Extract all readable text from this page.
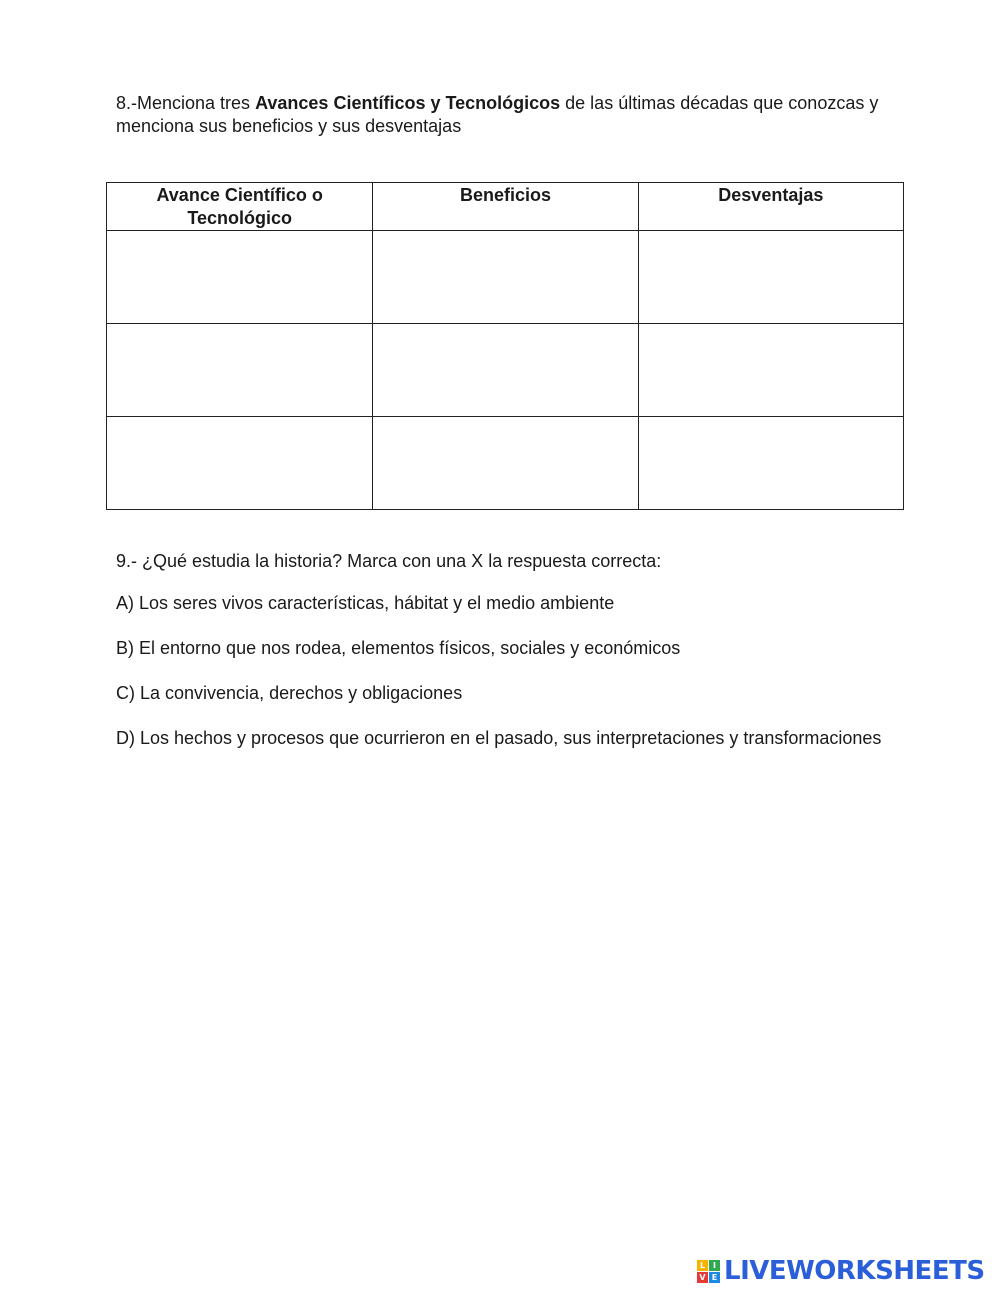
8.-Menciona tres Avances Científicos y Tecnológicos de las últimas décadas que conozcas y menciona sus beneficios y sus desventajas
Avance Científico o Tecnológico	Beneficios	Desventajas

9.- ¿Qué estudia la historia? Marca con una X la respuesta correcta:

A) Los seres vivos características, hábitat y el medio ambiente

B) El entorno que nos rodea, elementos físicos, sociales y económicos

C) La convivencia, derechos y obligaciones

D) Los hechos y procesos que ocurrieron en el pasado, sus interpretaciones y transformaciones

L I
V E LIVEWORKSHEETS
